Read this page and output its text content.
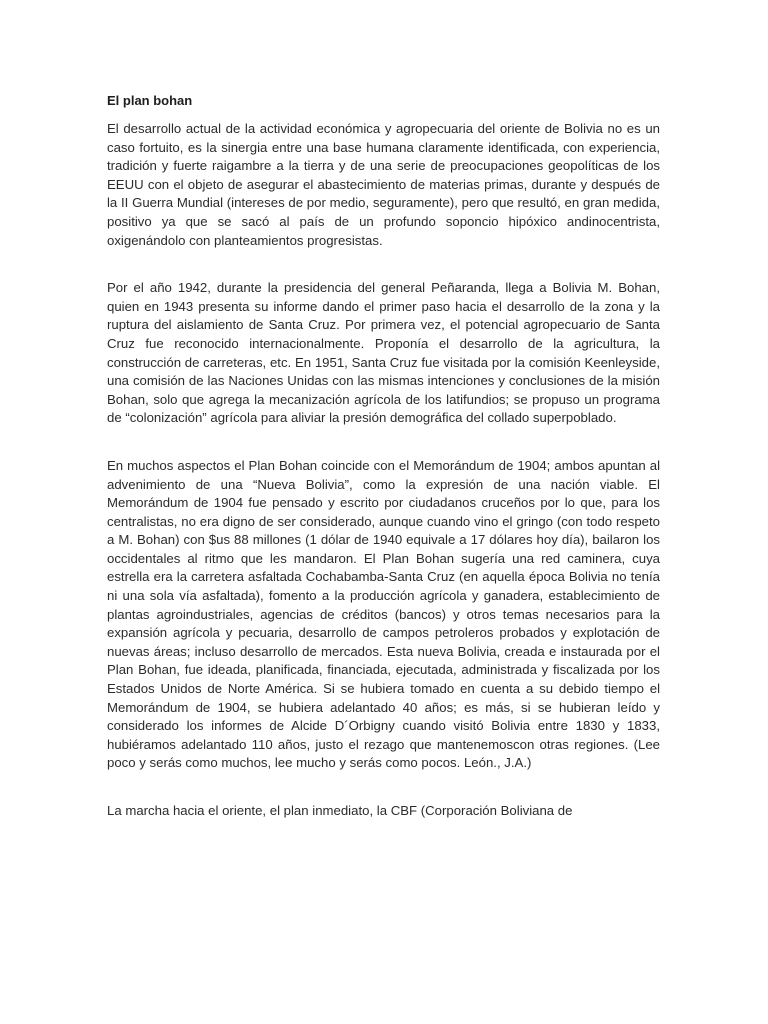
El plan bohan

El desarrollo actual de la actividad económica y agropecuaria del oriente de Bolivia no es un caso fortuito, es la sinergia entre una base humana claramente identificada, con experiencia, tradición y fuerte raigambre a la tierra y de una serie de preocupaciones geopolíticas de los EEUU con el objeto de asegurar el abastecimiento de materias primas, durante y después de la II Guerra Mundial (intereses de por medio, seguramente), pero que resultó, en gran medida, positivo ya que se sacó al país de un profundo soponcio hipóxico andinocentrista, oxigenándolo con planteamientos progresistas.

Por el año 1942, durante la presidencia del general Peñaranda, llega a Bolivia M. Bohan, quien en 1943 presenta su informe dando el primer paso hacia el desarrollo de la zona y la ruptura del aislamiento de Santa Cruz. Por primera vez, el potencial agropecuario de Santa Cruz fue reconocido internacionalmente. Proponía el desarrollo de la agricultura, la construcción de carreteras, etc. En 1951, Santa Cruz fue visitada por la comisión Keenleyside, una comisión de las Naciones Unidas con las mismas intenciones y conclusiones de la misión Bohan, solo que agrega la mecanización agrícola de los latifundios; se propuso un programa de “colonización” agrícola para aliviar la presión demográfica del collado superpoblado.

En muchos aspectos el Plan Bohan coincide con el Memorándum de 1904; ambos apuntan al advenimiento de una “Nueva Bolivia”, como la expresión de una nación viable. El Memorándum de 1904 fue pensado y escrito por ciudadanos cruceños por lo que, para los centralistas, no era digno de ser considerado, aunque cuando vino el gringo (con todo respeto a M. Bohan) con $us 88 millones (1 dólar de 1940 equivale a 17 dólares hoy día), bailaron los occidentales al ritmo que les mandaron. El Plan Bohan sugería una red caminera, cuya estrella era la carretera asfaltada Cochabamba-Santa Cruz (en aquella época Bolivia no tenía ni una sola vía asfaltada), fomento a la producción agrícola y ganadera, establecimiento de plantas agroindustriales, agencias de créditos (bancos) y otros temas necesarios para la expansión agrícola y pecuaria, desarrollo de campos petroleros probados y explotación de nuevas áreas; incluso desarrollo de mercados. Esta nueva Bolivia, creada e instaurada por el Plan Bohan, fue ideada, planificada, financiada, ejecutada, administrada y fiscalizada por los Estados Unidos de Norte América. Si se hubiera tomado en cuenta a su debido tiempo el Memorándum de 1904, se hubiera adelantado 40 años; es más, si se hubieran leído y considerado los informes de Alcide D´Orbigny cuando visitó Bolivia entre 1830 y 1833, hubiéramos adelantado 110 años, justo el rezago que mantenemoscon otras regiones. (Lee poco y serás como muchos, lee mucho y serás como pocos. León., J.A.)

La marcha hacia el oriente, el plan inmediato, la CBF (Corporación Boliviana de
